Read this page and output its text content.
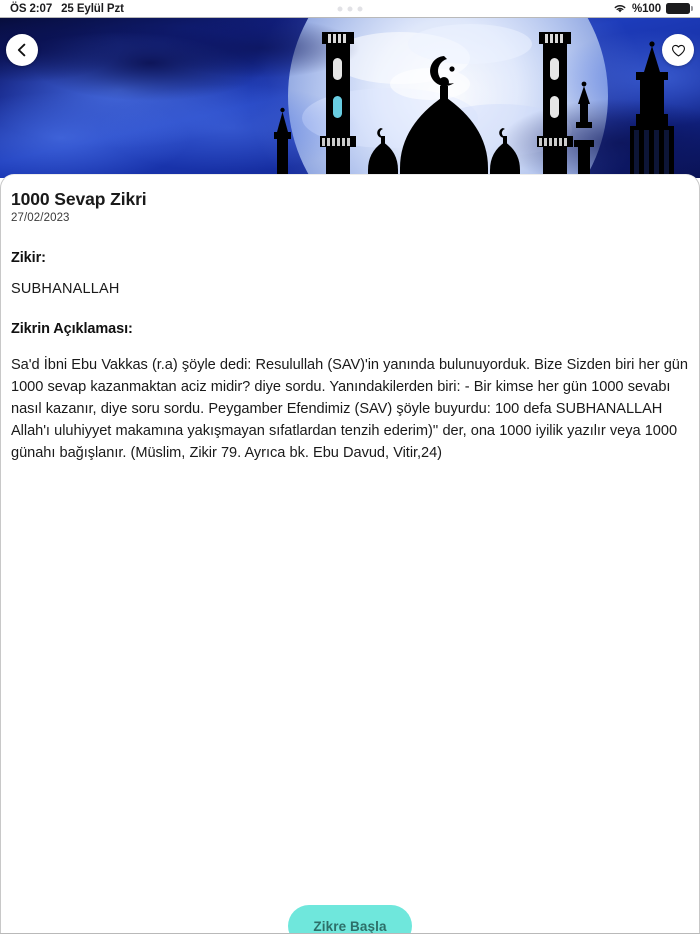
ÖS 2:07 25 Eylül Pzt	%100
1000 Sevap Zikri
27/02/2023
Zikir:
SUBHANALLAH
Zikrin Açıklaması:
Sa'd İbni Ebu Vakkas (r.a) şöyle dedi: Resulullah (SAV)'in yanında bulunuyorduk. Bize Sizden biri her gün 1000 sevap kazanmaktan aciz midir? diye sordu. Yanındakilerden biri: - Bir kimse her gün 1000 sevabı nasıl kazanır, diye soru sordu. Peygamber Efendimiz (SAV) şöyle buyurdu: 100 defa SUBHANALLAH Allah'ı uluhiyyet makamına yakışmayan sıfatlardan tenzih ederim)'' der, ona 1000 iyilik yazılır veya 1000 günahı bağışlanır. (Müslim, Zikir 79. Ayrıca bk. Ebu Davud, Vitir,24)
Zikre Başla
